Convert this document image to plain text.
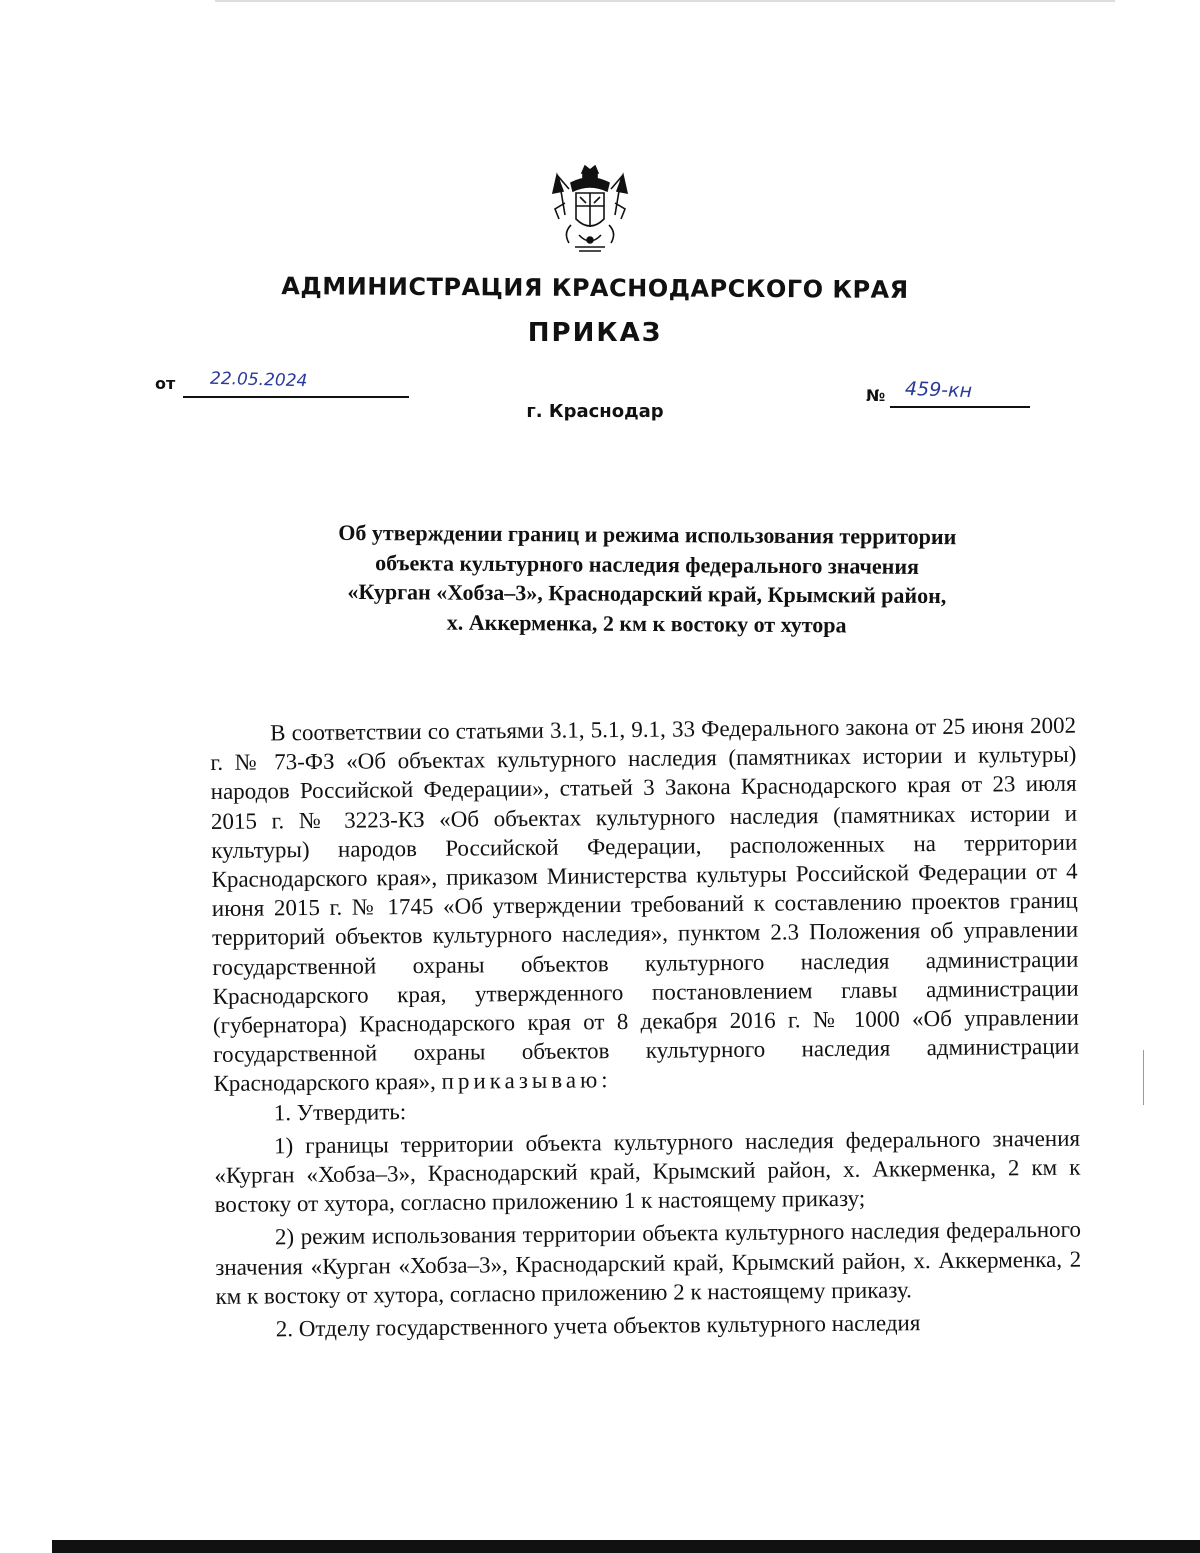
АДМИНИСТРАЦИЯ КРАСНОДАРСКОГО КРАЯ
ПРИКАЗ
от 22.05.2024
г. Краснодар
№ 459-кн
Об утверждении границ и режима использования территории
объекта культурного наследия федерального значения
«Курган «Хобза–3», Краснодарский край, Крымский район,
х. Аккерменка, 2 км к востоку от хутора

В соответствии со статьями 3.1, 5.1, 9.1, 33 Федерального закона от 25 июня 2002 г. № 73-ФЗ «Об объектах культурного наследия (памятниках истории и культуры) народов Российской Федерации», статьей 3 Закона Краснодарского края от 23 июля 2015 г. № 3223-КЗ «Об объектах культурного наследия (памятниках истории и культуры) народов Российской Федерации, расположенных на территории Краснодарского края», приказом Министерства культуры Российской Федерации от 4 июня 2015 г. № 1745 «Об утверждении требований к составлению проектов границ территорий объектов культурного наследия», пунктом 2.3 Положения об управлении государственной охраны объектов культурного наследия администрации Краснодарского края, утвержденного постановлением главы администрации (губернатора) Краснодарского края от 8 декабря 2016 г. № 1000 «Об управлении государственной охраны объектов культурного наследия администрации Краснодарского края», приказываю:

1. Утвердить:

1) границы территории объекта культурного наследия федерального значения «Курган «Хобза–3», Краснодарский край, Крымский район, х. Аккерменка, 2 км к востоку от хутора, согласно приложению 1 к настоящему приказу;

2) режим использования территории объекта культурного наследия федерального значения «Курган «Хобза–3», Краснодарский край, Крымский район, х. Аккерменка, 2 км к востоку от хутора, согласно приложению 2 к настоящему приказу.

2. Отделу государственного учета объектов культурного наследия
